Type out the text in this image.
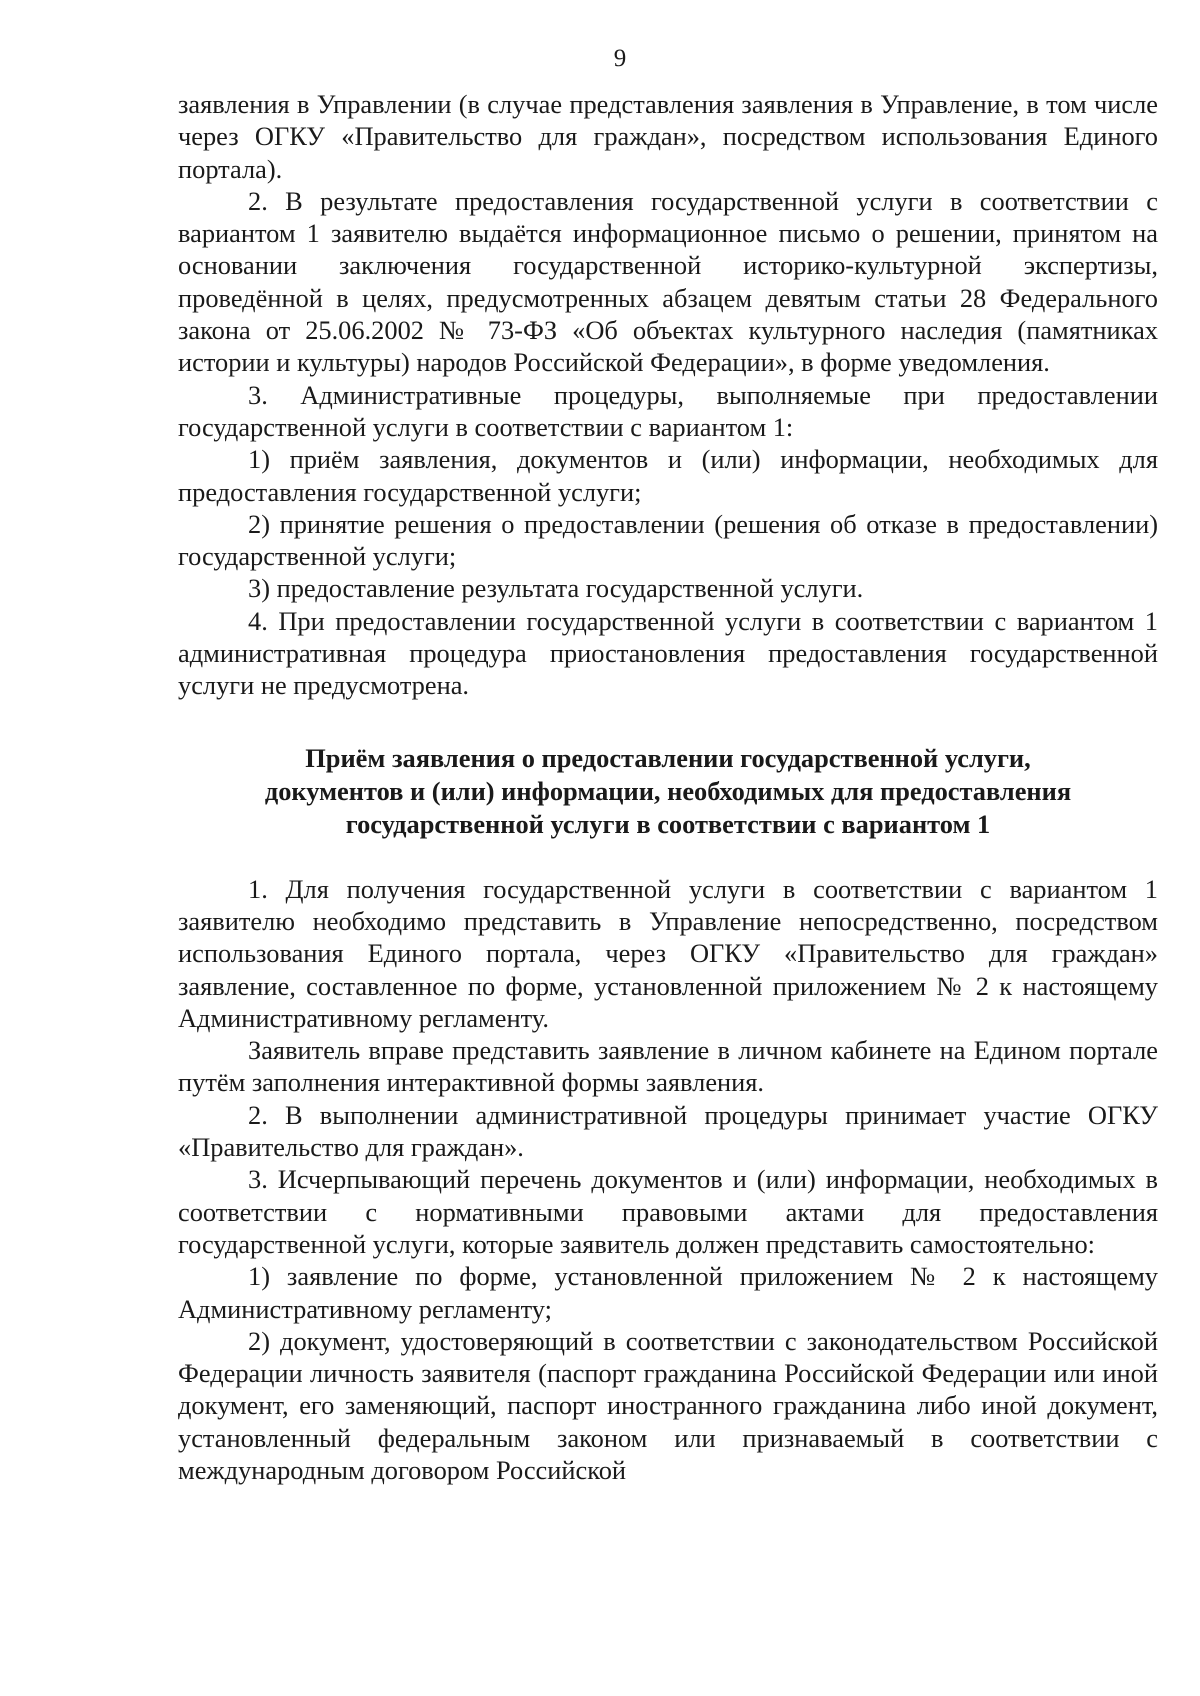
9

заявления в Управлении (в случае представления заявления в Управление, в том числе через ОГКУ «Правительство для граждан», посредством использования Единого портала).

2. В результате предоставления государственной услуги в соответствии с вариантом 1 заявителю выдаётся информационное письмо о решении, принятом на основании заключения государственной историко-культурной экспертизы, проведённой в целях, предусмотренных абзацем девятым статьи 28 Федерального закона от 25.06.2002 № 73-ФЗ «Об объектах культурного наследия (памятниках истории и культуры) народов Российской Федерации», в форме уведомления.

3. Административные процедуры, выполняемые при предоставлении государственной услуги в соответствии с вариантом 1:

1) приём заявления, документов и (или) информации, необходимых для предоставления государственной услуги;

2) принятие решения о предоставлении (решения об отказе в предоставлении) государственной услуги;

3) предоставление результата государственной услуги.

4. При предоставлении государственной услуги в соответствии с вариантом 1 административная процедура приостановления предоставления государственной услуги не предусмотрена.

Приём заявления о предоставлении государственной услуги,
документов и (или) информации, необходимых для предоставления
государственной услуги в соответствии с вариантом 1

1. Для получения государственной услуги в соответствии с вариантом 1 заявителю необходимо представить в Управление непосредственно, посредством использования Единого портала, через ОГКУ «Правительство для граждан» заявление, составленное по форме, установленной приложением № 2 к настоящему Административному регламенту.

Заявитель вправе представить заявление в личном кабинете на Едином портале путём заполнения интерактивной формы заявления.

2. В выполнении административной процедуры принимает участие ОГКУ «Правительство для граждан».

3. Исчерпывающий перечень документов и (или) информации, необходимых в соответствии с нормативными правовыми актами для предоставления государственной услуги, которые заявитель должен представить самостоятельно:

1) заявление по форме, установленной приложением № 2 к настоящему Административному регламенту;

2) документ, удостоверяющий в соответствии с законодательством Российской Федерации личность заявителя (паспорт гражданина Российской Федерации или иной документ, его заменяющий, паспорт иностранного гражданина либо иной документ, установленный федеральным законом или признаваемый в соответствии с международным договором Российской
